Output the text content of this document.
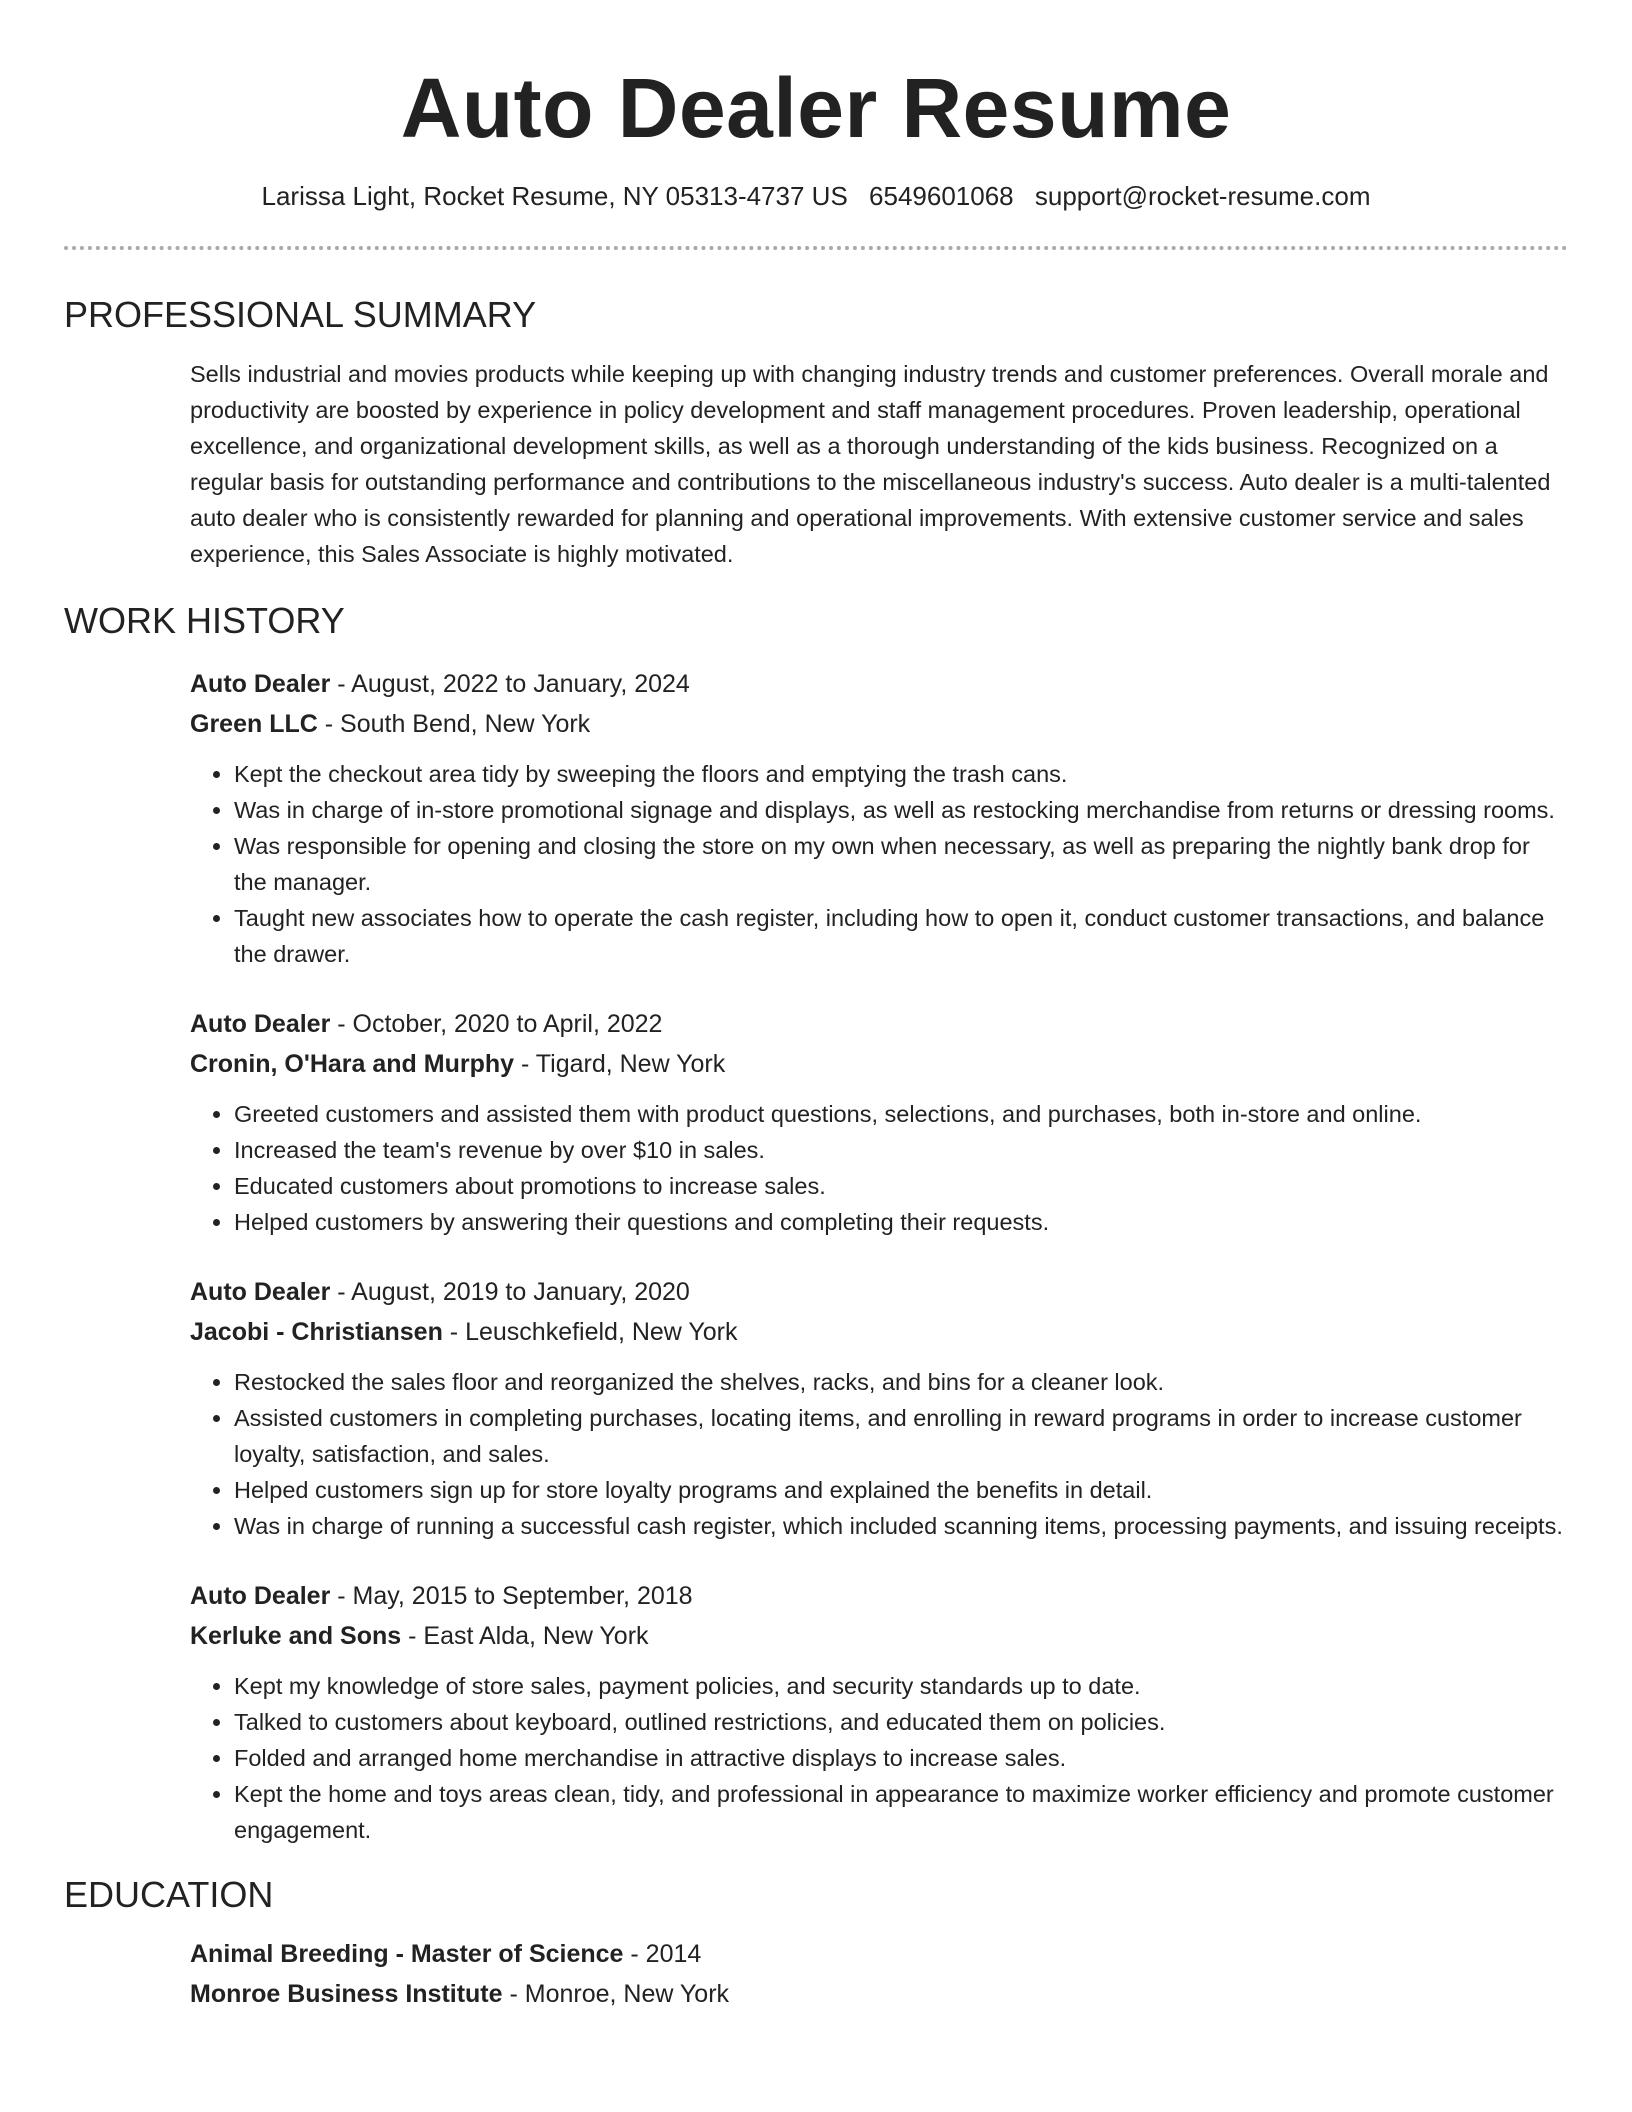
Auto Dealer Resume
Larissa Light, Rocket Resume, NY 05313-4737 US 6549601068 support@rocket-resume.com
PROFESSIONAL SUMMARY
Sells industrial and movies products while keeping up with changing industry trends and customer preferences. Overall morale and productivity are boosted by experience in policy development and staff management procedures. Proven leadership, operational excellence, and organizational development skills, as well as a thorough understanding of the kids business. Recognized on a regular basis for outstanding performance and contributions to the miscellaneous industry's success. Auto dealer is a multi-talented auto dealer who is consistently rewarded for planning and operational improvements. With extensive customer service and sales experience, this Sales Associate is highly motivated.
WORK HISTORY
Auto Dealer - August, 2022 to January, 2024
Green LLC - South Bend, New York
• Kept the checkout area tidy by sweeping the floors and emptying the trash cans.
• Was in charge of in-store promotional signage and displays, as well as restocking merchandise from returns or dressing rooms.
• Was responsible for opening and closing the store on my own when necessary, as well as preparing the nightly bank drop for the manager.
• Taught new associates how to operate the cash register, including how to open it, conduct customer transactions, and balance the drawer.
Auto Dealer - October, 2020 to April, 2022
Cronin, O'Hara and Murphy - Tigard, New York
• Greeted customers and assisted them with product questions, selections, and purchases, both in-store and online.
• Increased the team's revenue by over $10 in sales.
• Educated customers about promotions to increase sales.
• Helped customers by answering their questions and completing their requests.
Auto Dealer - August, 2019 to January, 2020
Jacobi - Christiansen - Leuschkefield, New York
• Restocked the sales floor and reorganized the shelves, racks, and bins for a cleaner look.
• Assisted customers in completing purchases, locating items, and enrolling in reward programs in order to increase customer loyalty, satisfaction, and sales.
• Helped customers sign up for store loyalty programs and explained the benefits in detail.
• Was in charge of running a successful cash register, which included scanning items, processing payments, and issuing receipts.
Auto Dealer - May, 2015 to September, 2018
Kerluke and Sons - East Alda, New York
• Kept my knowledge of store sales, payment policies, and security standards up to date.
• Talked to customers about keyboard, outlined restrictions, and educated them on policies.
• Folded and arranged home merchandise in attractive displays to increase sales.
• Kept the home and toys areas clean, tidy, and professional in appearance to maximize worker efficiency and promote customer engagement.
EDUCATION
Animal Breeding - Master of Science - 2014
Monroe Business Institute - Monroe, New York
